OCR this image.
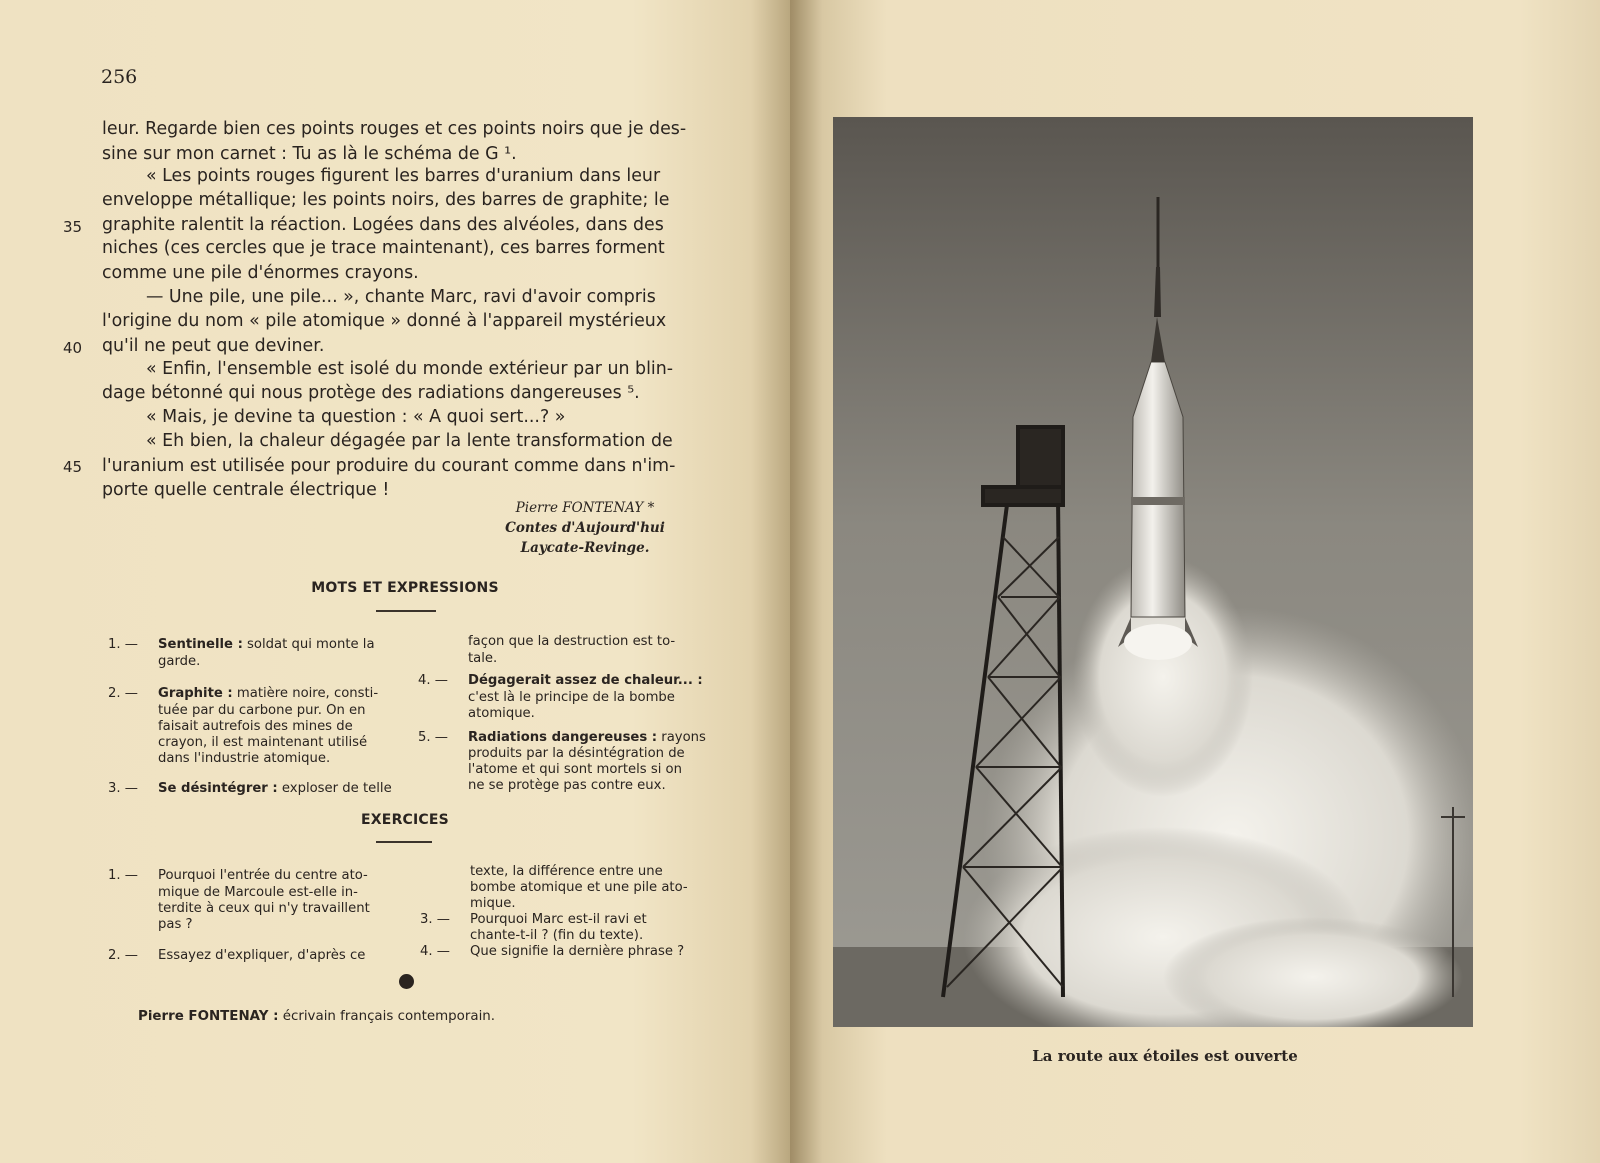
256
leur. Regarde bien ces points rouges et ces points noirs que je des-
sine sur mon carnet : Tu as là le schéma de G ¹.
« Les points rouges figurent les barres d'uranium dans leur
enveloppe métallique; les points noirs, des barres de graphite; le
graphite ralentit la réaction. Logées dans des alvéoles, dans des
niches (ces cercles que je trace maintenant), ces barres forment
comme une pile d'énormes crayons.
— Une pile, une pile... », chante Marc, ravi d'avoir compris
l'origine du nom « pile atomique » donné à l'appareil mystérieux
qu'il ne peut que deviner.
« Enfin, l'ensemble est isolé du monde extérieur par un blin-
dage bétonné qui nous protège des radiations dangereuses ⁵.
« Mais, je devine ta question : « A quoi sert...? »
« Eh bien, la chaleur dégagée par la lente transformation de
l'uranium est utilisée pour produire du courant comme dans n'im-
porte quelle centrale électrique !
35
40
45
Pierre FONTENAY *
Contes d'Aujourd'hui
Laycate-Revinge.
MOTS ET EXPRESSIONS
1. — Sentinelle : soldat qui monte la
garde.
2. — Graphite : matière noire, consti-
tuée par du carbone pur. On en
faisait autrefois des mines de
crayon, il est maintenant utilisé
dans l'industrie atomique.
3. — Se désintégrer : exploser de telle
façon que la destruction est to-
tale.
4. — Dégagerait assez de chaleur... :
c'est là le principe de la bombe
atomique.
5. — Radiations dangereuses : rayons
produits par la désintégration de
l'atome et qui sont mortels si on
ne se protège pas contre eux.
EXERCICES
1. — Pourquoi l'entrée du centre ato-
mique de Marcoule est-elle in-
terdite à ceux qui n'y travaillent
pas ?
2. — Essayez d'expliquer, d'après ce
texte, la différence entre une
bombe atomique et une pile ato-
mique.
3. — Pourquoi Marc est-il ravi et
chante-t-il ? (fin du texte).
4. — Que signifie la dernière phrase ?
Pierre FONTENAY : écrivain français contemporain.
La route aux étoiles est ouverte
